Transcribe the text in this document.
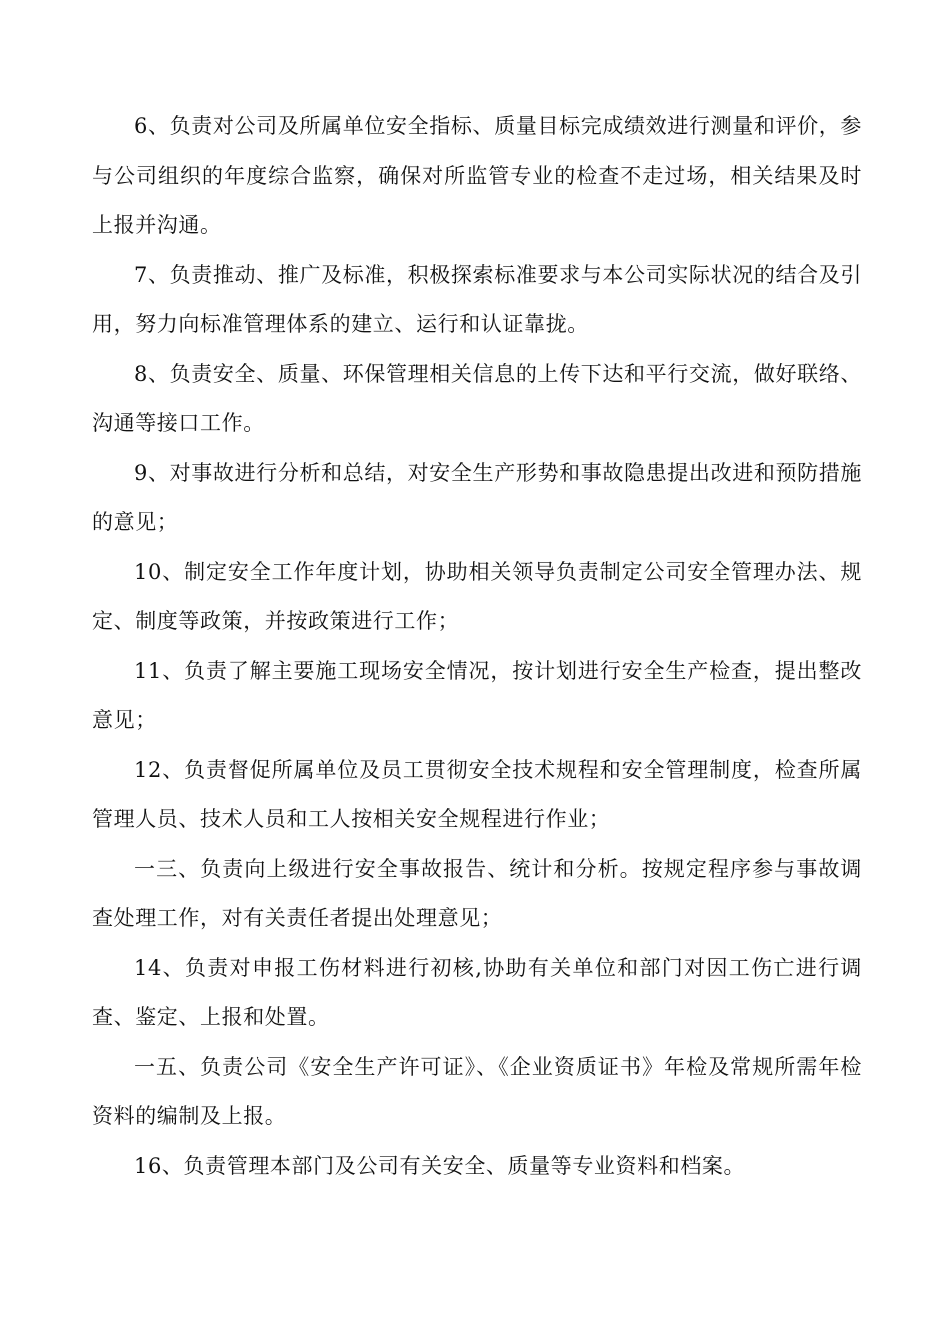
6、负责对公司及所属单位安全指标、质量目标完成绩效进行测量和评价，参与公司组织的年度综合监察，确保对所监管专业的检查不走过场，相关结果及时上报并沟通。

7、负责推动、推广及标准，积极探索标准要求与本公司实际状况的结合及引用，努力向标准管理体系的建立、运行和认证靠拢。

8、负责安全、质量、环保管理相关信息的上传下达和平行交流，做好联络、沟通等接口工作。

9、对事故进行分析和总结，对安全生产形势和事故隐患提出改进和预防措施的意见；

10、制定安全工作年度计划，协助相关领导负责制定公司安全管理办法、规定、制度等政策，并按政策进行工作；

11、负责了解主要施工现场安全情况，按计划进行安全生产检查，提出整改意见；

12、负责督促所属单位及员工贯彻安全技术规程和安全管理制度，检查所属管理人员、技术人员和工人按相关安全规程进行作业；

一三、负责向上级进行安全事故报告、统计和分析。按规定程序参与事故调查处理工作，对有关责任者提出处理意见；

14、负责对申报工伤材料进行初核,协助有关单位和部门对因工伤亡进行调查、鉴定、上报和处置。

一五、负责公司《安全生产许可证》、《企业资质证书》年检及常规所需年检资料的编制及上报。

16、负责管理本部门及公司有关安全、质量等专业资料和档案。
